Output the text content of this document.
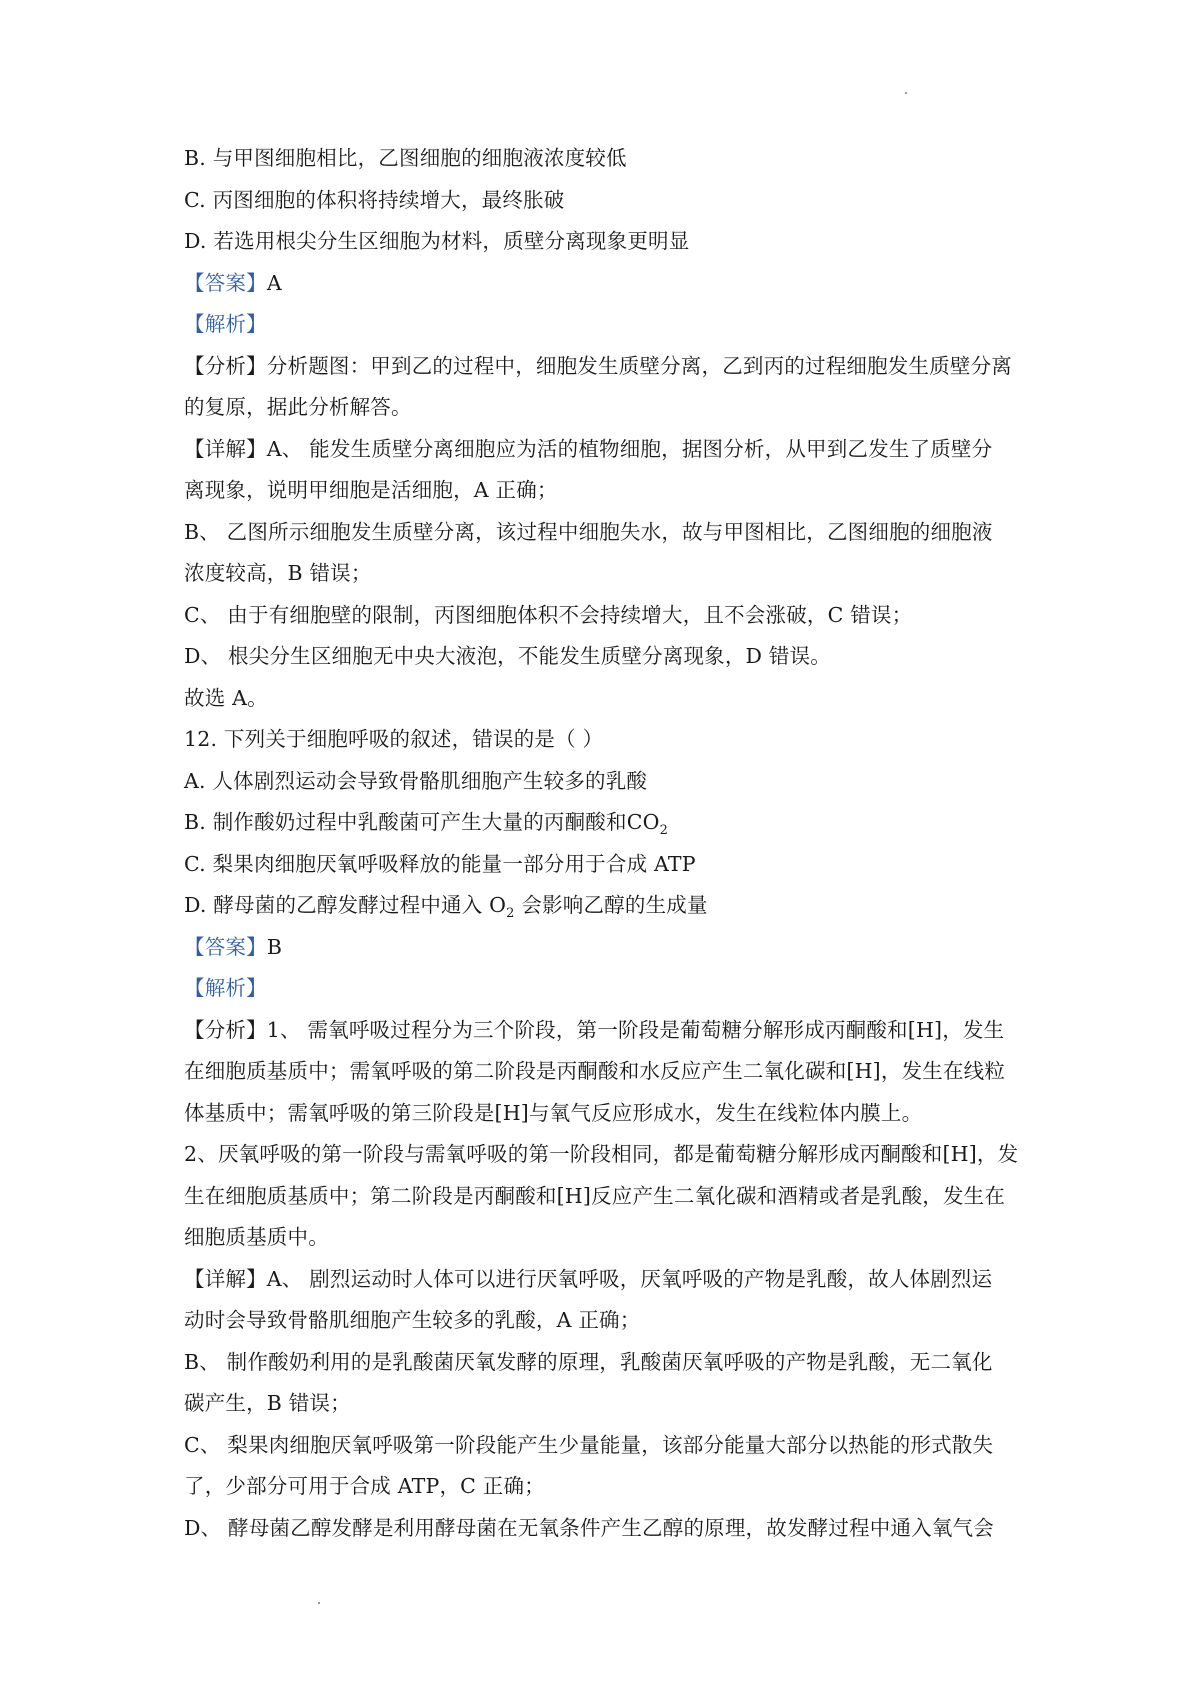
B. 与甲图细胞相比，乙图细胞的细胞液浓度较低
C. 丙图细胞的体积将持续增大，最终胀破
D. 若选用根尖分生区细胞为材料，质壁分离现象更明显
【答案】A
【解析】
【分析】分析题图：甲到乙的过程中，细胞发生质壁分离，乙到丙的过程细胞发生质壁分离
的复原，据此分析解答。
【详解】A、 能发生质壁分离细胞应为活的植物细胞，据图分析，从甲到乙发生了质壁分
离现象，说明甲细胞是活细胞，A 正确；
B、 乙图所示细胞发生质壁分离，该过程中细胞失水，故与甲图相比，乙图细胞的细胞液
浓度较高，B 错误；
C、 由于有细胞壁的限制，丙图细胞体积不会持续增大，且不会涨破，C 错误；
D、 根尖分生区细胞无中央大液泡，不能发生质壁分离现象，D 错误。
故选 A。
12. 下列关于细胞呼吸的叙述，错误的是（ ）
A. 人体剧烈运动会导致骨骼肌细胞产生较多的乳酸
B. 制作酸奶过程中乳酸菌可产生大量的丙酮酸和$CO_2$
C. 梨果肉细胞厌氧呼吸释放的能量一部分用于合成 ATP
D. 酵母菌的乙醇发酵过程中通入 $O_2$ 会影响乙醇的生成量
【答案】B
【解析】
【分析】1、 需氧呼吸过程分为三个阶段，第一阶段是葡萄糖分解形成丙酮酸和[H]，发生
在细胞质基质中；需氧呼吸的第二阶段是丙酮酸和水反应产生二氧化碳和[H]，发生在线粒
体基质中；需氧呼吸的第三阶段是[H]与氧气反应形成水，发生在线粒体内膜上。
2、厌氧呼吸的第一阶段与需氧呼吸的第一阶段相同，都是葡萄糖分解形成丙酮酸和[H]，发
生在细胞质基质中；第二阶段是丙酮酸和[H]反应产生二氧化碳和酒精或者是乳酸，发生在
细胞质基质中。
【详解】A、 剧烈运动时人体可以进行厌氧呼吸，厌氧呼吸的产物是乳酸，故人体剧烈运
动时会导致骨骼肌细胞产生较多的乳酸，A 正确；
B、 制作酸奶利用的是乳酸菌厌氧发酵的原理，乳酸菌厌氧呼吸的产物是乳酸，无二氧化
碳产生，B 错误；
C、 梨果肉细胞厌氧呼吸第一阶段能产生少量能量，该部分能量大部分以热能的形式散失
了，少部分可用于合成 ATP，C 正确；
D、 酵母菌乙醇发酵是利用酵母菌在无氧条件产生乙醇的原理，故发酵过程中通入氧气会
